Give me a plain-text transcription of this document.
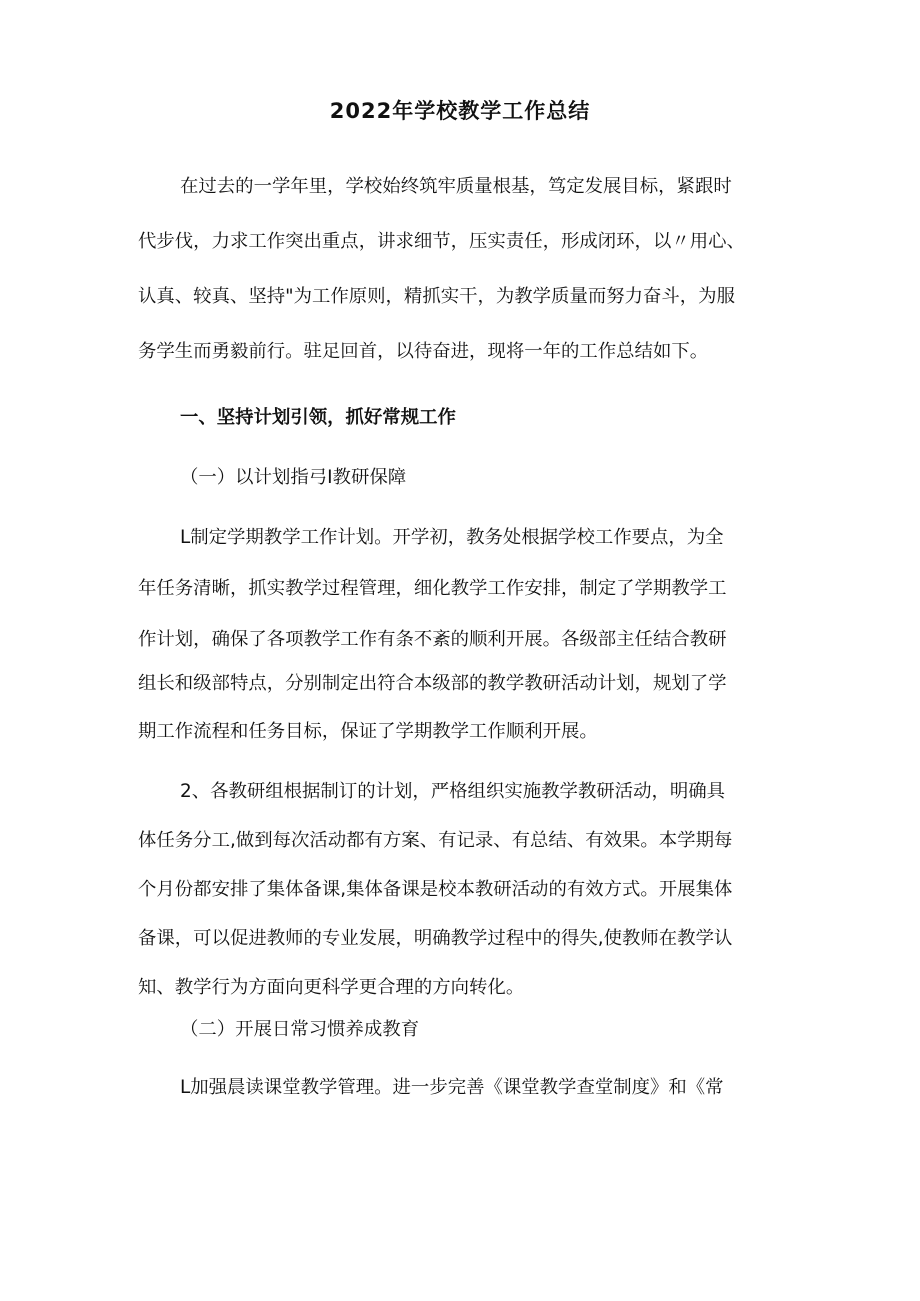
2022年学校教学工作总结
在过去的一学年里，学校始终筑牢质量根基，笃定发展目标，紧跟时
代步伐，力求工作突出重点，讲求细节，压实责任，形成闭环，以〃用心、
认真、较真、坚持"为工作原则，精抓实干，为教学质量而努力奋斗，为服
务学生而勇毅前行。驻足回首，以待奋进，现将一年的工作总结如下。
一、坚持计划引领，抓好常规工作
（一）以计划指弓I教研保障
L制定学期教学工作计划。开学初，教务处根据学校工作要点，为全
年任务清晰，抓实教学过程管理，细化教学工作安排，制定了学期教学工
作计划，确保了各项教学工作有条不紊的顺利开展。各级部主任结合教研
组长和级部特点，分别制定出符合本级部的教学教研活动计划，规划了学
期工作流程和任务目标，保证了学期教学工作顺利开展。
2、各教研组根据制订的计划，严格组织实施教学教研活动，明确具
体任务分工,做到每次活动都有方案、有记录、有总结、有效果。本学期每
个月份都安排了集体备课,集体备课是校本教研活动的有效方式。开展集体
备课，可以促进教师的专业发展，明确教学过程中的得失,使教师在教学认
知、教学行为方面向更科学更合理的方向转化。
（二）开展日常习惯养成教育
L加强晨读课堂教学管理。进一步完善《课堂教学查堂制度》和《常
